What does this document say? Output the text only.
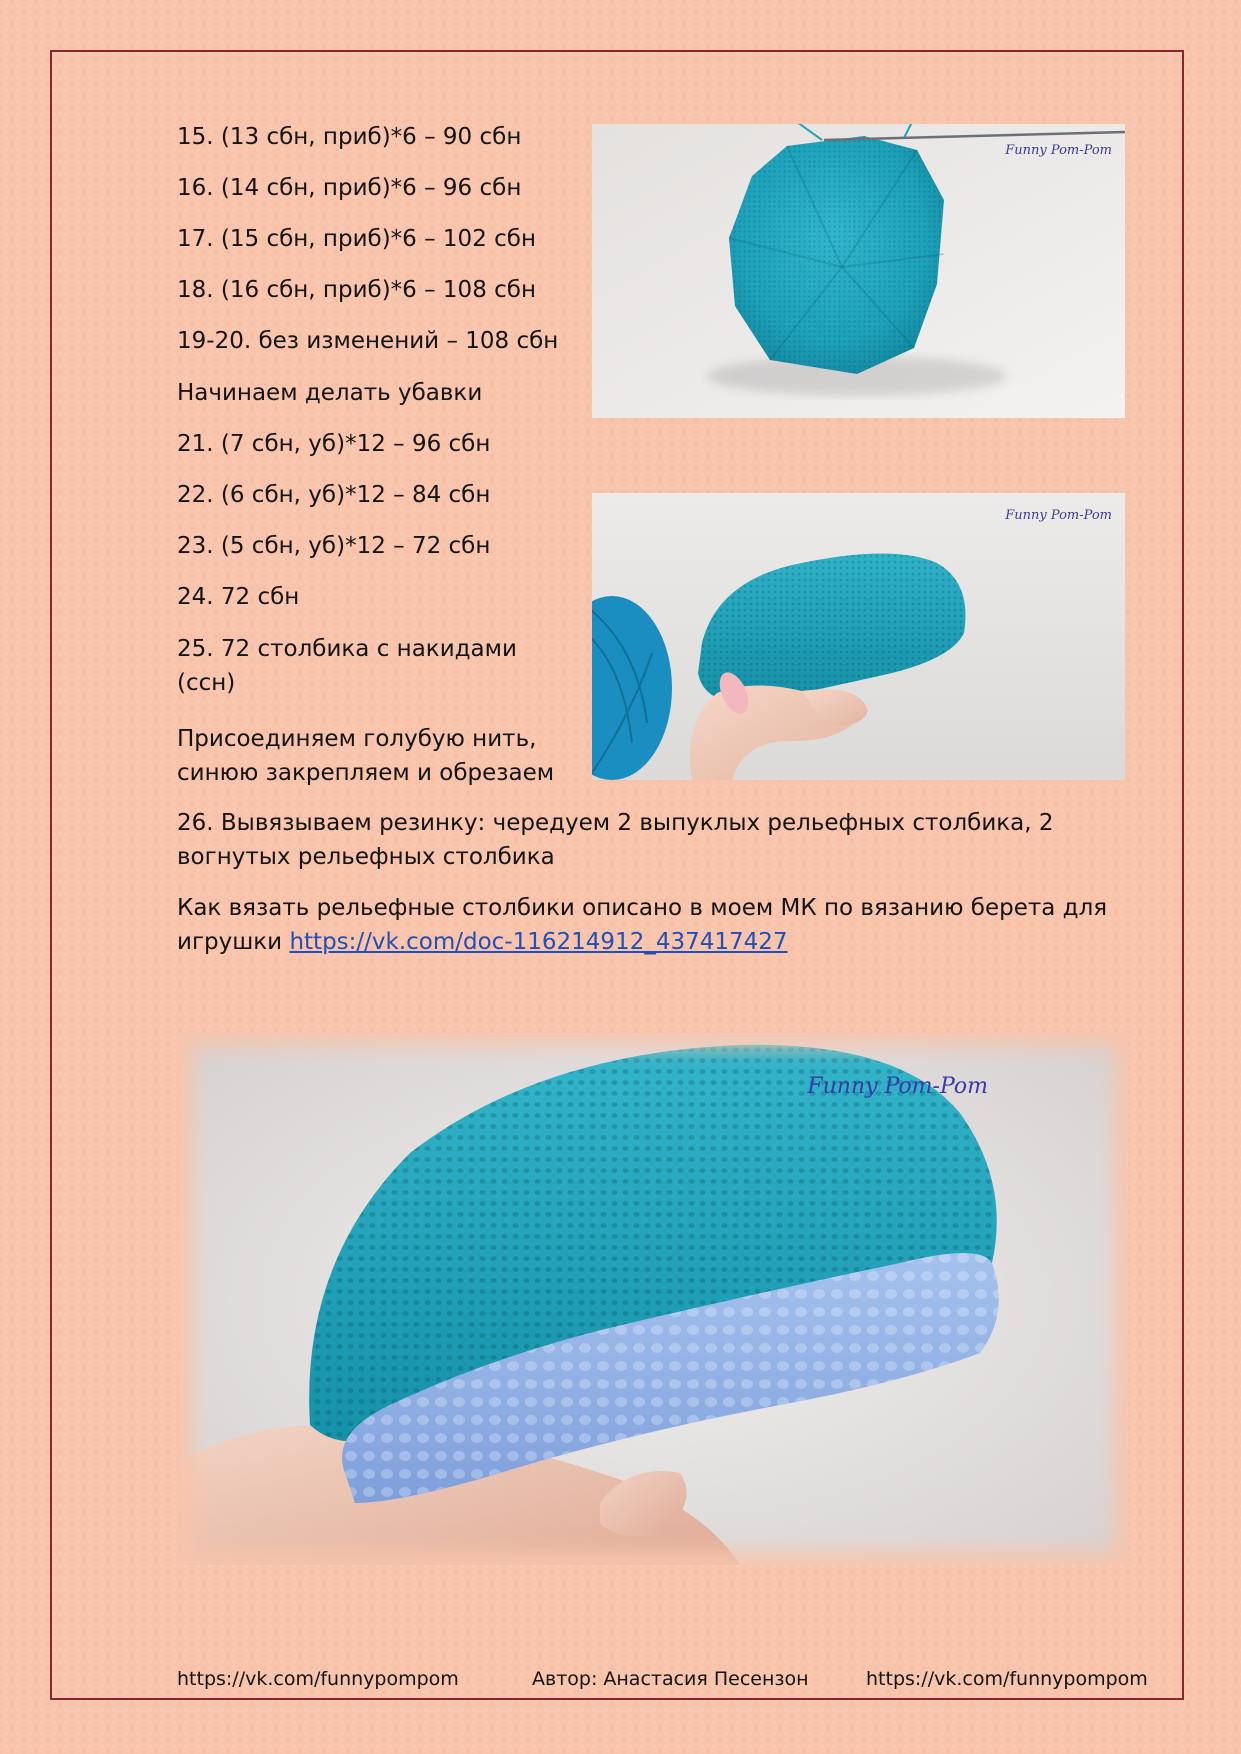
15. (13 сбн, приб)*6 – 90 сбн

16. (14 сбн, приб)*6 – 96 сбн

17. (15 сбн, приб)*6 – 102 сбн

18. (16 сбн, приб)*6 – 108 сбн

19-20. без изменений – 108 сбн

Начинаем делать убавки

21. (7 сбн, уб)*12 – 96 сбн

22. (6 сбн, уб)*12 – 84 сбн

23. (5 сбн, уб)*12 – 72 сбн

24. 72 сбн

25. 72 столбика с накидами

(ссн)

Присоединяем голубую нить,

синюю закрепляем и обрезаем

26. Вывязываем резинку: чередуем 2 выпуклых рельефных столбика, 2 вогнутых рельефных столбика

Как вязать рельефные столбики описано в моем МК по вязанию берета для игрушки https://vk.com/doc-116214912_437417427

Funny Pom-Pom
Funny Pom-Pom
Funny Pom-Pom

https://vk.com/funnypompom	Автор: Анастасия Песензон	https://vk.com/funnypompom
